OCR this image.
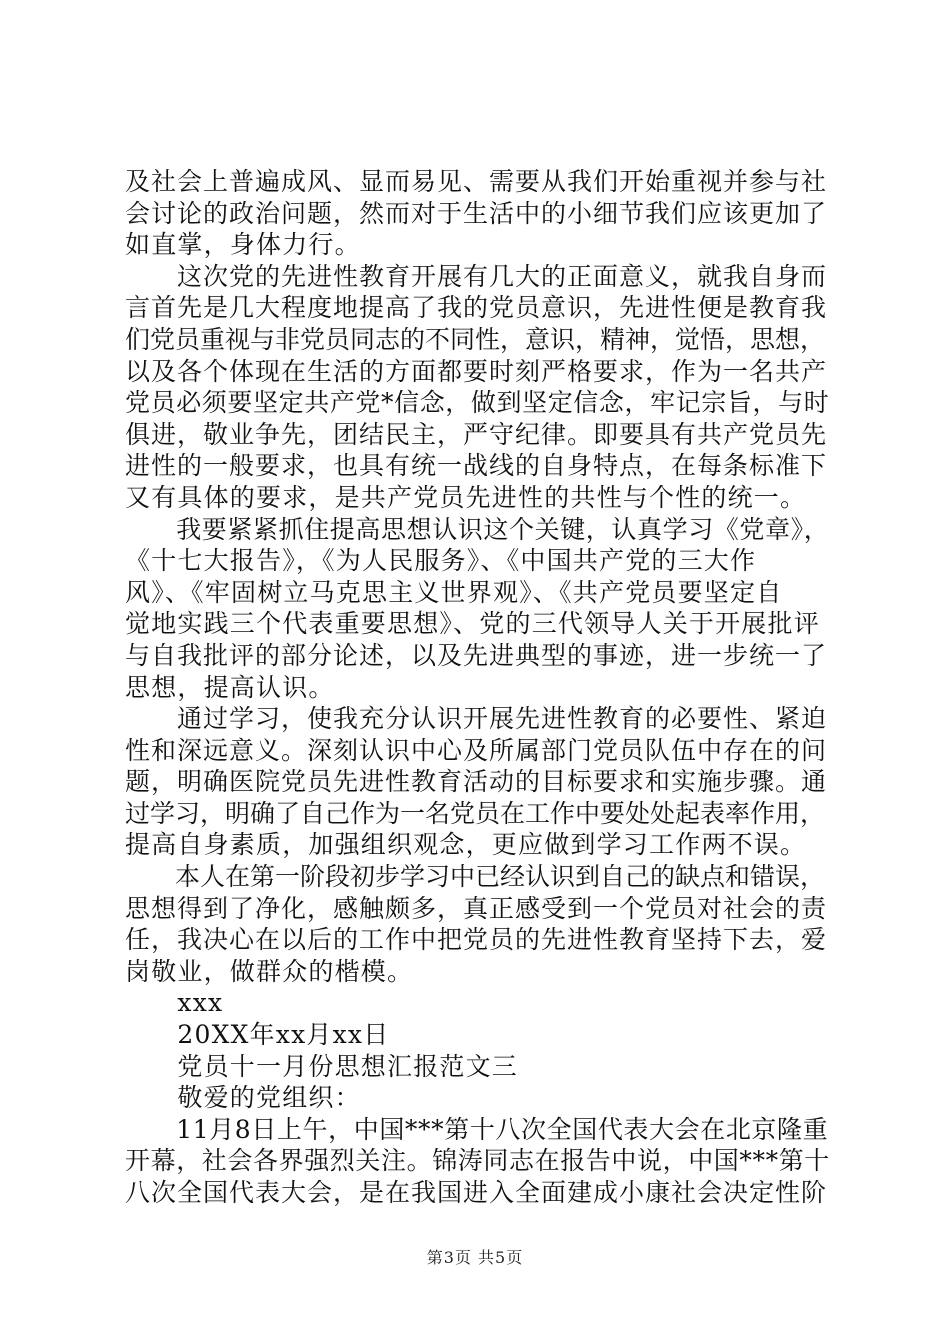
及社会上普遍成风、显而易见、需要从我们开始重视并参与社
会讨论的政治问题，然而对于生活中的小细节我们应该更加了
如直掌，身体力行。
　　这次党的先进性教育开展有几大的正面意义，就我自身而
言首先是几大程度地提高了我的党员意识，先进性便是教育我
们党员重视与非党员同志的不同性，意识，精神，觉悟，思想，
以及各个体现在生活的方面都要时刻严格要求，作为一名共产
党员必须要坚定共产党*信念，做到坚定信念，牢记宗旨，与时
俱进，敬业争先，团结民主，严守纪律。即要具有共产党员先
进性的一般要求，也具有统一战线的自身特点，在每条标准下
又有具体的要求，是共产党员先进性的共性与个性的统一。
　　我要紧紧抓住提高思想认识这个关键，认真学习《党章》，
《十七大报告》，《为人民服务》、《中国共产党的三大作
风》、《牢固树立马克思主义世界观》、《共产党员要坚定自
觉地实践三个代表重要思想》、党的三代领导人关于开展批评
与自我批评的部分论述，以及先进典型的事迹，进一步统一了
思想，提高认识。
　　通过学习，使我充分认识开展先进性教育的必要性、紧迫
性和深远意义。深刻认识中心及所属部门党员队伍中存在的问
题，明确医院党员先进性教育活动的目标要求和实施步骤。通
过学习，明确了自己作为一名党员在工作中要处处起表率作用，
提高自身素质，加强组织观念，更应做到学习工作两不误。
　　本人在第一阶段初步学习中已经认识到自己的缺点和错误，
思想得到了净化，感触颇多，真正感受到一个党员对社会的责
任，我决心在以后的工作中把党员的先进性教育坚持下去，爱
岗敬业，做群众的楷模。
　　xxx
　　20XX年xx月xx日
　　党员十一月份思想汇报范文三
　　敬爱的党组织：
　　11月8日上午，中国***第十八次全国代表大会在北京隆重
开幕，社会各界强烈关注。锦涛同志在报告中说，中国***第十
八次全国代表大会，是在我国进入全面建成小康社会决定性阶
第3页 共5页
